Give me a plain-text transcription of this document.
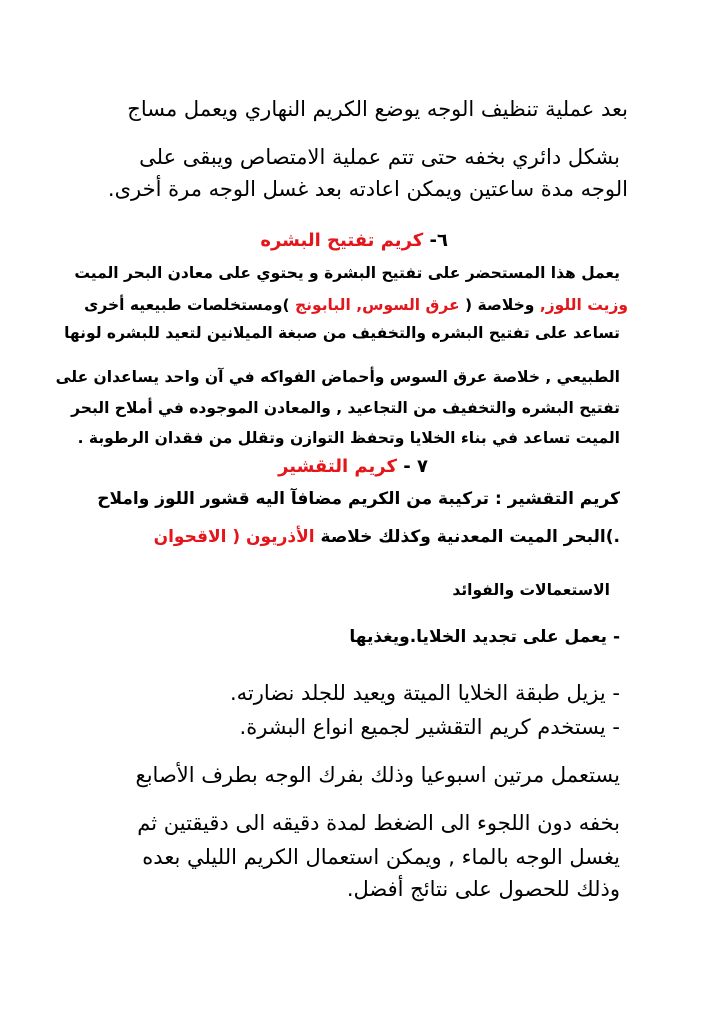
بعد عملية تنظيف الوجه يوضع الكريم النهاري ويعمل مساج
بشكل دائري بخفه حتى تتم عملية الامتصاص ويبقى على
الوجه مدة ساعتين ويمكن اعادته بعد غسل الوجه مرة أخرى.
٦- كريم تفتيح البشره
يعمل هذا المستحضر على تفتيح البشرة و يحتوي على معادن البحر الميت
وزيت اللوز, وخلاصة ( عرق السوس, البابونج )ومستخلصات طبيعيه أخرى
تساعد على تفتيح البشره والتخفيف من صبغة الميلانين لتعيد للبشره لونها
الطبيعي , خلاصة عرق السوس وأحماض الفواكه في آن واحد يساعدان على
تفتيح البشره والتخفيف من التجاعيد , والمعادن الموجوده في أملاح البحر
الميت تساعد في بناء الخلايا وتحفظ التوازن وتقلل من فقدان الرطوبة .
٧ - كريم التقشير
كريم التقشير : تركيبة من الكريم مضافآ اليه قشور اللوز واملاح
.)البحر الميت المعدنية وكذلك خلاصة الأذريون ( الاقحوان
الاستعمالات والفوائد
- يعمل على تجديد الخلايا.ويغذيها
- يزيل طبقة الخلايا الميتة ويعيد للجلد نضارته.
- يستخدم كريم التقشير لجميع انواع البشرة.
يستعمل مرتين اسبوعيا وذلك بفرك الوجه بطرف الأصابع
بخفه دون اللجوء الى الضغط لمدة دقيقه الى دقيقتين ثم
يغسل الوجه بالماء , ويمكن استعمال الكريم الليلي بعده
وذلك للحصول على نتائج أفضل.
